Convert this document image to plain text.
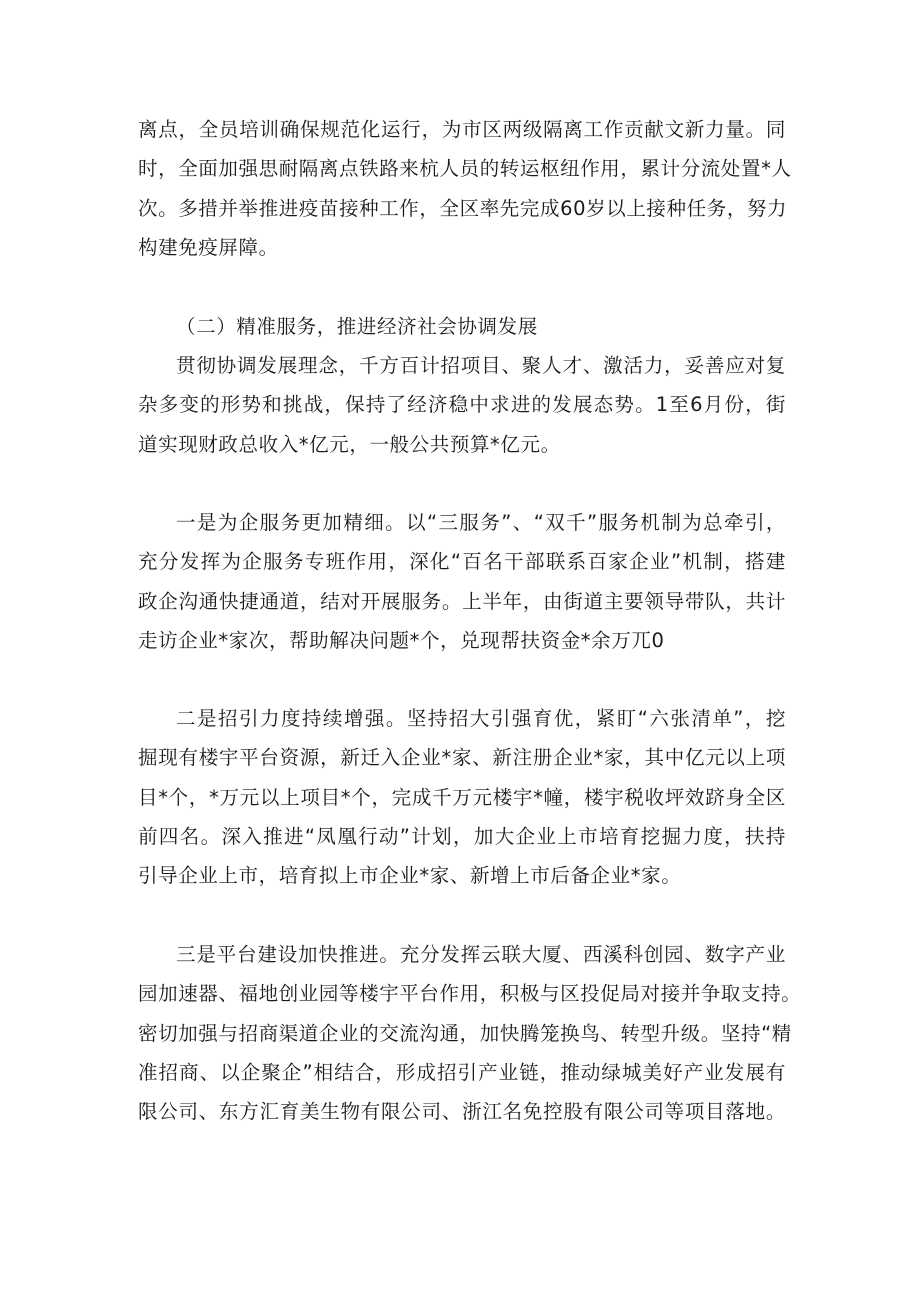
离点，全员培训确保规范化运行，为市区两级隔离工作贡献文新力量。同
时，全面加强思耐隔离点铁路来杭人员的转运枢纽作用，累计分流处置*人
次。多措并举推进疫苗接种工作，全区率先完成60岁以上接种任务，努力
构建免疫屏障。

（二）精准服务，推进经济社会协调发展

贯彻协调发展理念，千方百计招项目、聚人才、激活力，妥善应对复
杂多变的形势和挑战，保持了经济稳中求进的发展态势。1至6月份，街
道实现财政总收入*亿元，一般公共预算*亿元。

一是为企服务更加精细。以“三服务”、“双千”服务机制为总牵引，
充分发挥为企服务专班作用，深化“百名干部联系百家企业”机制，搭建
政企沟通快捷通道，结对开展服务。上半年，由街道主要领导带队，共计
走访企业*家次，帮助解决问题*个，兑现帮扶资金*余万兀0

二是招引力度持续增强。坚持招大引强育优，紧盯“六张清单”，挖
掘现有楼宇平台资源，新迁入企业*家、新注册企业*家，其中亿元以上项
目*个，*万元以上项目*个，完成千万元楼宇*幢，楼宇税收坪效跻身全区
前四名。深入推进“凤凰行动”计划，加大企业上市培育挖掘力度，扶持
引导企业上市，培育拟上市企业*家、新增上市后备企业*家。

三是平台建设加快推进。充分发挥云联大厦、西溪科创园、数字产业
园加速器、福地创业园等楼宇平台作用，积极与区投促局对接并争取支持。
密切加强与招商渠道企业的交流沟通，加快腾笼换鸟、转型升级。坚持“精
准招商、以企聚企”相结合，形成招引产业链，推动绿城美好产业发展有
限公司、东方汇育美生物有限公司、浙江名免控股有限公司等项目落地。
